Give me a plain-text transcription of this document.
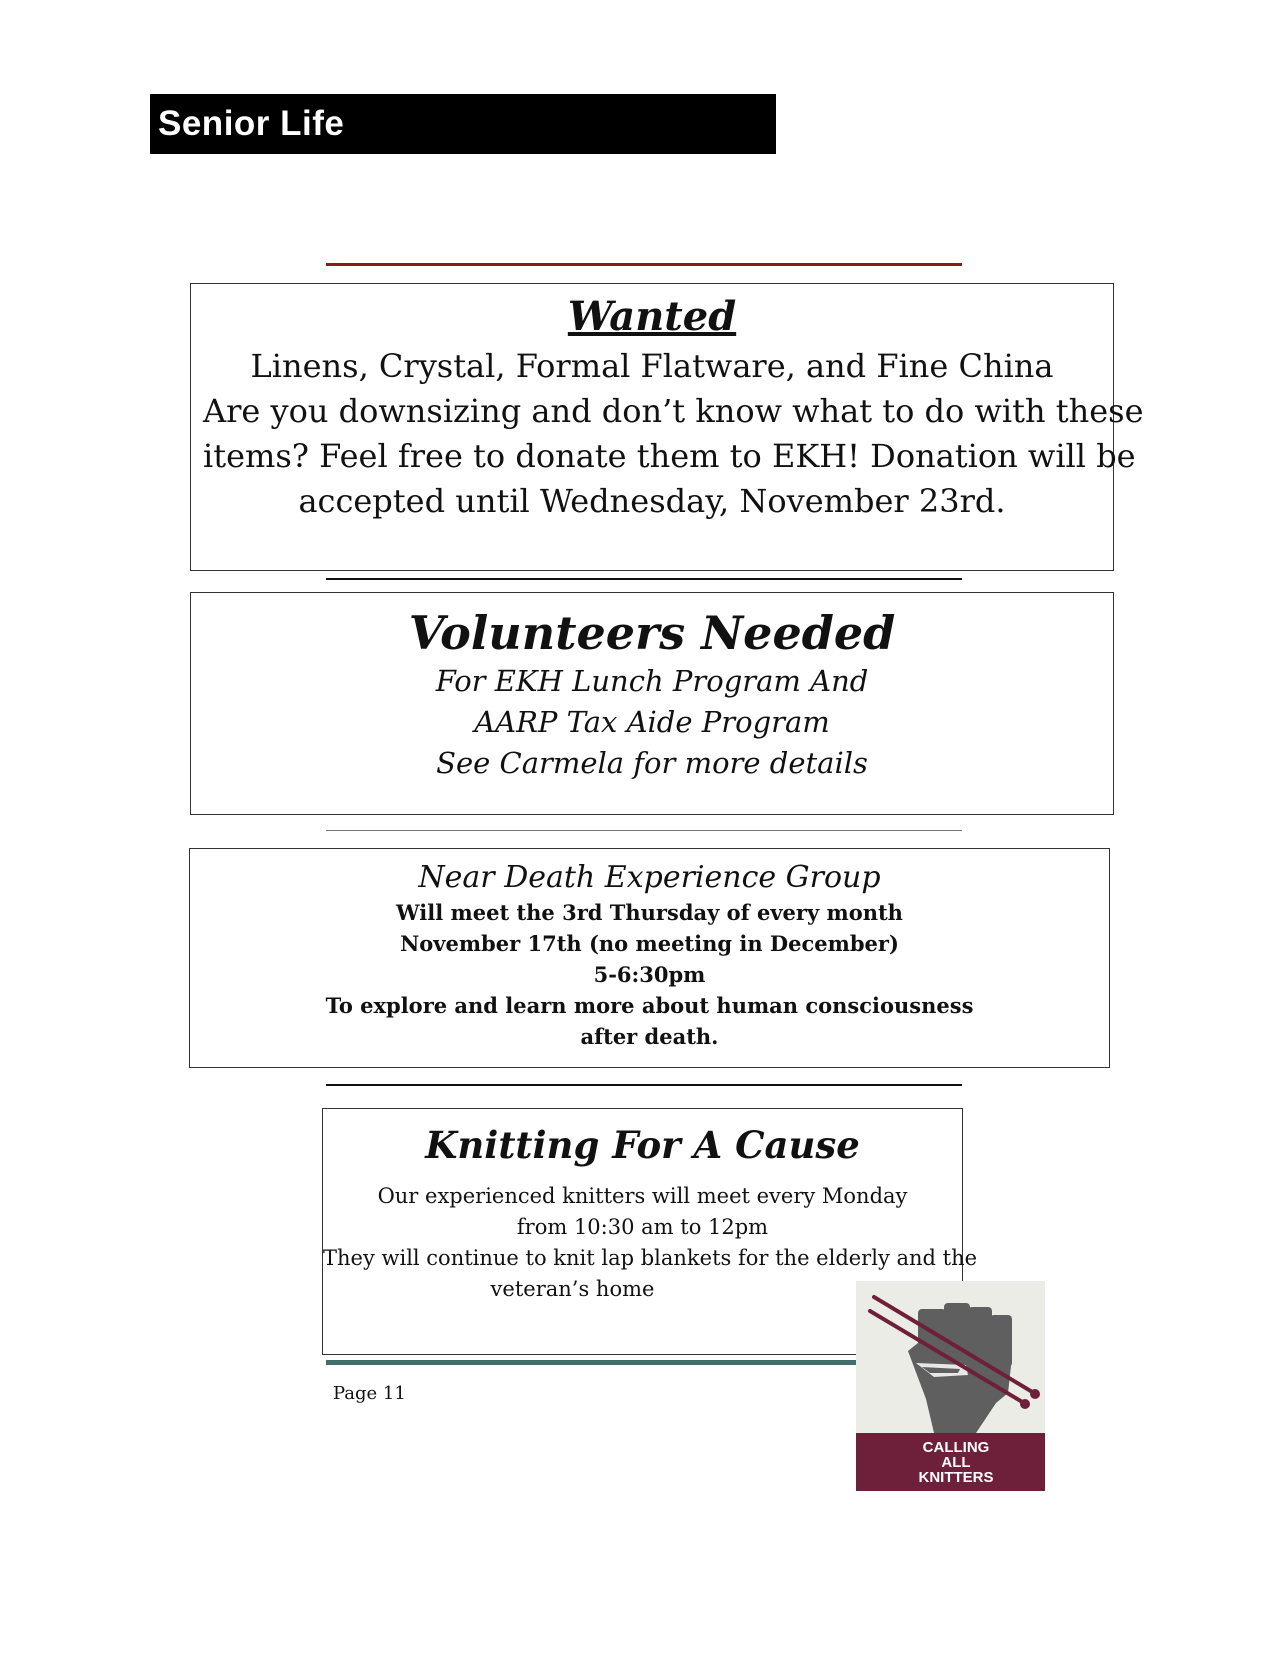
Senior Life
Wanted
Linens, Crystal, Formal Flatware, and Fine China
Are you downsizing and don’t know what to do with these
items? Feel free to donate them to EKH! Donation will be
accepted until Wednesday, November 23rd.
Volunteers Needed
For EKH Lunch Program And
AARP Tax Aide Program
See Carmela for more details
Near Death Experience Group
Will meet the 3rd Thursday of every month
November 17th (no meeting in December)
5-6:30pm
To explore and learn more about human consciousness
after death.
Knitting For A Cause
Our experienced knitters will meet every Monday
from 10:30 am to 12pm
They will continue to knit lap blankets for the elderly and the
veteran’s home
Page 11
CALLING
ALL
KNITTERS
